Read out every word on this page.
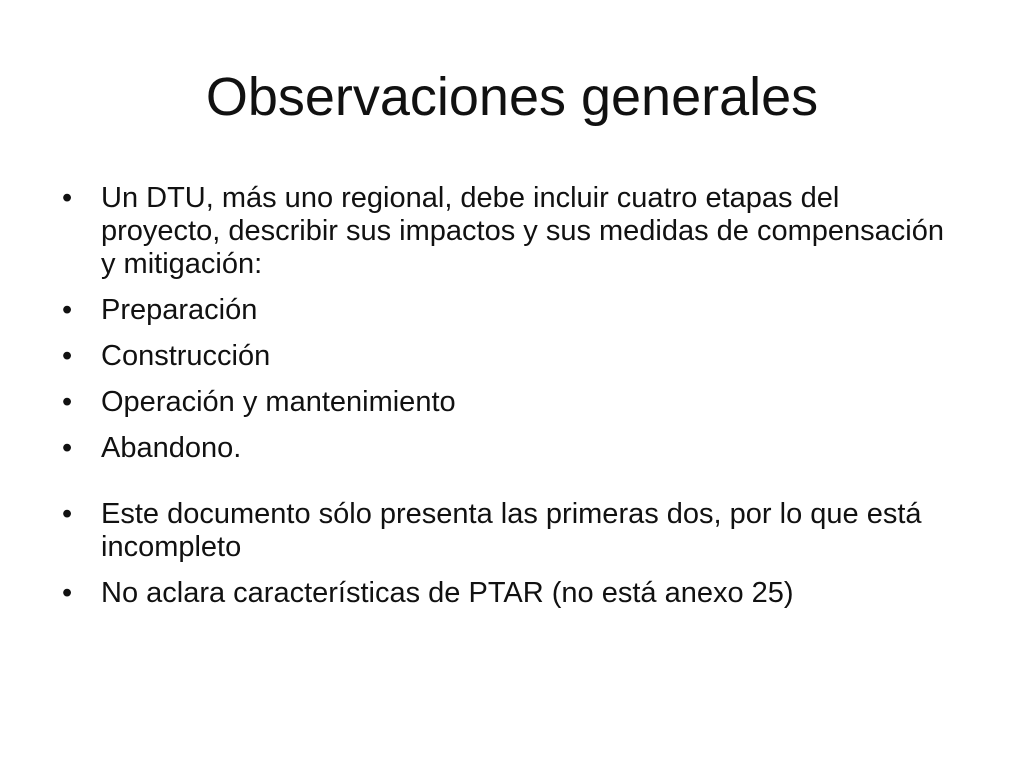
Observaciones generales
• Un DTU, más uno regional, debe incluir cuatro etapas del proyecto, describir sus impactos y sus medidas de compensación y mitigación:
• Preparación
• Construcción
• Operación y mantenimiento
• Abandono.
• Este documento sólo presenta las primeras dos, por lo que está incompleto
• No aclara características de PTAR (no está anexo 25)
